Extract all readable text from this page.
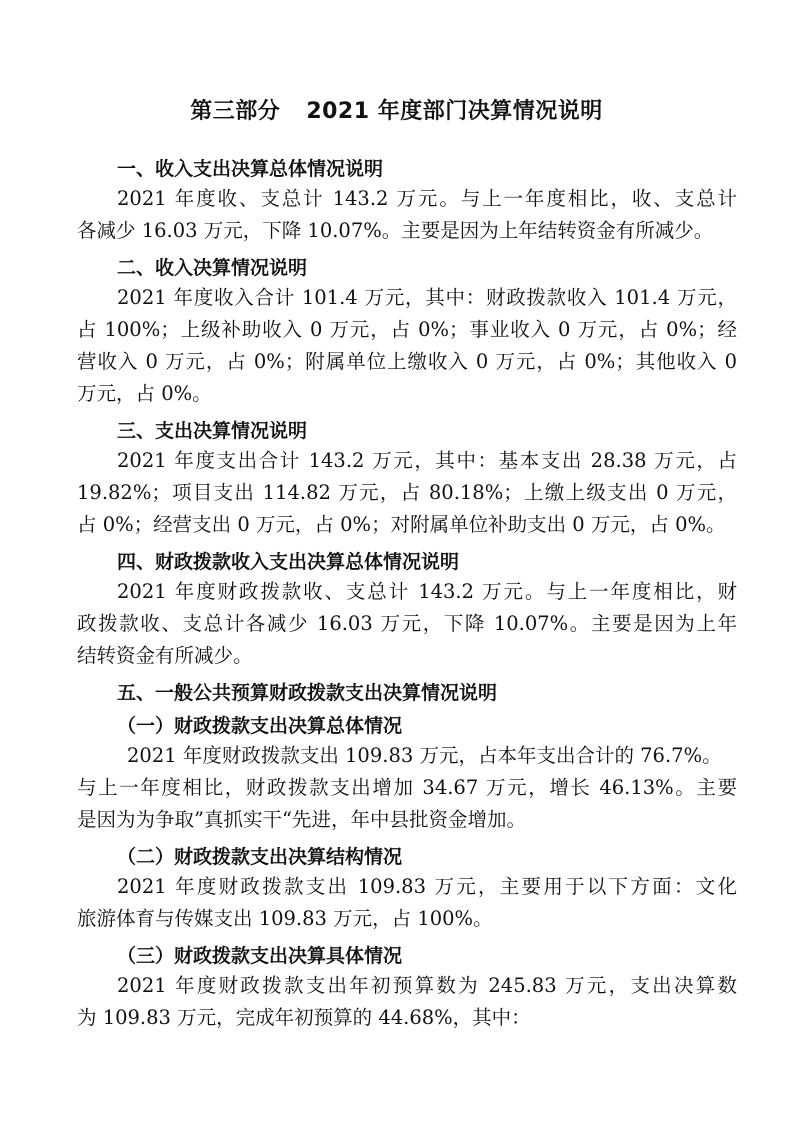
第三部分 2021 年度部门决算情况说明
一、收入支出决算总体情况说明
2021 年度收、支总计 143.2 万元。与上一年度相比，收、支总计
各减少 16.03 万元，下降 10.07%。主要是因为上年结转资金有所减少。
二、收入决算情况说明
2021 年度收入合计 101.4 万元，其中：财政拨款收入 101.4 万元，
占 100%；上级补助收入 0 万元，占 0%；事业收入 0 万元，占 0%；经
营收入 0 万元，占 0%；附属单位上缴收入 0 万元，占 0%；其他收入 0
万元，占 0%。
三、支出决算情况说明
2021 年度支出合计 143.2 万元，其中：基本支出 28.38 万元，占
19.82%；项目支出 114.82 万元，占 80.18%；上缴上级支出 0 万元，
占 0%；经营支出 0 万元，占 0%；对附属单位补助支出 0 万元，占 0%。
四、财政拨款收入支出决算总体情况说明
2021 年度财政拨款收、支总计 143.2 万元。与上一年度相比，财
政拨款收、支总计各减少 16.03 万元，下降 10.07%。主要是因为上年
结转资金有所减少。
五、一般公共预算财政拨款支出决算情况说明
（一）财政拨款支出决算总体情况
2021 年度财政拨款支出 109.83 万元，占本年支出合计的 76.7%。
与上一年度相比，财政拨款支出增加 34.67 万元，增长 46.13%。主要
是因为为争取”真抓实干“先进，年中县批资金增加。
（二）财政拨款支出决算结构情况
2021 年度财政拨款支出 109.83 万元，主要用于以下方面：文化
旅游体育与传媒支出 109.83 万元，占 100%。
（三）财政拨款支出决算具体情况
2021 年度财政拨款支出年初预算数为 245.83 万元，支出决算数
为 109.83 万元，完成年初预算的 44.68%，其中：
